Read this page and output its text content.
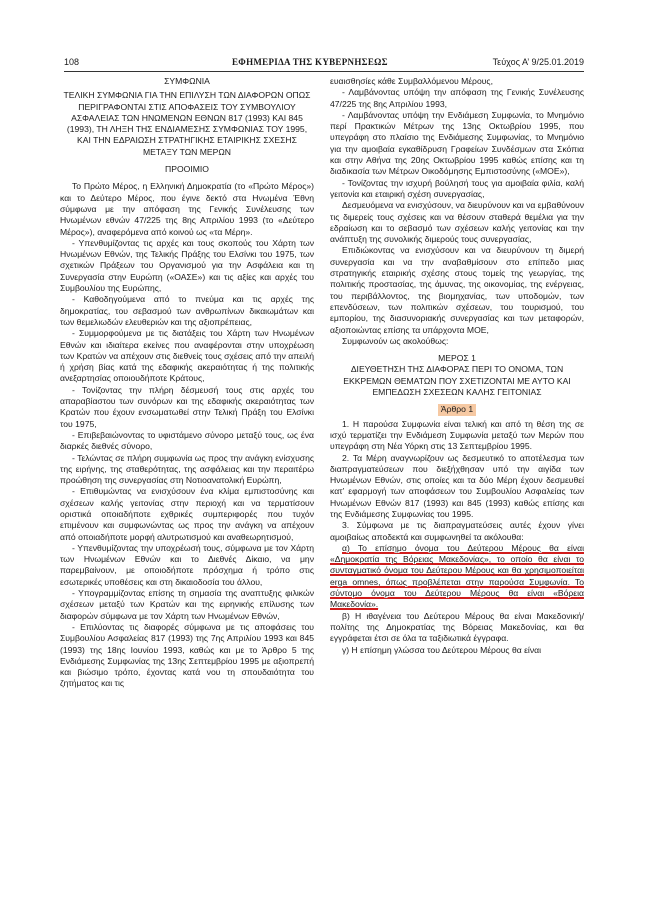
108	ΕΦΗΜΕΡΙΔΑ ΤΗΣ ΚΥΒΕΡΝΗΣΕΩΣ	Τεύχος Α’ 9/25.01.2019

ΣΥΜΦΩΝΙΑ

ΤΕΛΙΚΗ ΣΥΜΦΩΝΙΑ ΓΙΑ ΤΗΝ ΕΠΙΛΥΣΗ ΤΩΝ ΔΙΑΦΟΡΩΝ ΟΠΩΣ ΠΕΡΙΓΡΑΦΟΝΤΑΙ ΣΤΙΣ ΑΠΟΦΑΣΕΙΣ ΤΟΥ ΣΥΜΒΟΥΛΙΟΥ ΑΣΦΑΛΕΙΑΣ ΤΩΝ ΗΝΩΜΕΝΩΝ ΕΘΝΩΝ 817 (1993) ΚΑΙ 845 (1993), ΤΗ ΛΗΞΗ ΤΗΣ ΕΝΔΙΑΜΕΣΗΣ ΣΥΜΦΩΝΙΑΣ ΤΟΥ 1995, ΚΑΙ ΤΗΝ ΕΔΡΑΙΩΣΗ ΣΤΡΑΤΗΓΙΚΗΣ ΕΤΑΙΡΙΚΗΣ ΣΧΕΣΗΣ ΜΕΤΑΞΥ ΤΩΝ ΜΕΡΩΝ

ΠΡΟΟΙΜΙΟ

Το Πρώτο Μέρος, η Ελληνική Δημοκρατία (το «Πρώτο Μέρος») και το Δεύτερο Μέρος, που έγινε δεκτό στα Ηνωμένα Έθνη σύμφωνα με την απόφαση της Γενικής Συνέλευσης των Ηνωμένων εθνών 47/225 της 8ης Απριλίου 1993 (το «Δεύτερο Μέρος»), αναφερόμενα από κοινού ως «τα Μέρη».

- Υπενθυμίζοντας τις αρχές και τους σκοπούς του Χάρτη των Ηνωμένων Εθνών, της Τελικής Πράξης του Ελσίνκι του 1975, των σχετικών Πράξεων του Οργανισμού για την Ασφάλεια και τη Συνεργασία στην Ευρώπη («ΟΑΣΕ») και τις αξίες και αρχές του Συμβουλίου της Ευρώπης,

- Καθοδηγούμενα από το πνεύμα και τις αρχές της δημοκρατίας, του σεβασμού των ανθρωπίνων δικαιωμάτων και των θεμελιωδών ελευθεριών και της αξιοπρέπειας,

- Συμμορφούμενα με τις διατάξεις του Χάρτη των Ηνωμένων Εθνών και ιδιαίτερα εκείνες που αναφέρονται στην υποχρέωση των Κρατών να απέχουν στις διεθνείς τους σχέσεις από την απειλή ή χρήση βίας κατά της εδαφικής ακεραιότητας ή της πολιτικής ανεξαρτησίας οποιουδήποτε Κράτους,

- Τονίζοντας την πλήρη δέσμευσή τους στις αρχές του απαραβίαστου των συνόρων και της εδαφικής ακεραιότητας των Κρατών που έχουν ενσωματωθεί στην Τελική Πράξη του Ελσίνκι του 1975,

- Επιβεβαιώνοντας το υφιστάμενο σύνορο μεταξύ τους, ως ένα διαρκές διεθνές σύνορο,

- Τελώντας σε πλήρη συμφωνία ως προς την ανάγκη ενίσχυσης της ειρήνης, της σταθερότητας, της ασφάλειας και την περαιτέρω προώθηση της συνεργασίας στη Νοτιοανατολική Ευρώπη,

- Επιθυμώντας να ενισχύσουν ένα κλίμα εμπιστοσύνης και σχέσεων καλής γειτονίας στην περιοχή και να τερματίσουν οριστικά οποιαδήποτε εχθρικές συμπεριφορές που τυχόν επιμένουν και συμφωνώντας ως προς την ανάγκη να απέχουν από οποιαδήποτε μορφή αλυτρωτισμού και αναθεωρητισμού,

- Υπενθυμίζοντας την υποχρέωσή τους, σύμφωνα με τον Χάρτη των Ηνωμένων Εθνών και το Διεθνές Δίκαιο, να μην παρεμβαίνουν, με οποιοδήποτε πρόσχημα ή τρόπο στις εσωτερικές υποθέσεις και στη δικαιοδοσία του άλλου,

- Υπογραμμίζοντας επίσης τη σημασία της αναπτυξης φιλικών σχέσεων μεταξύ των Κρατών και της ειρηνικής επίλυσης των διαφορών σύμφωνα με τον Χάρτη των Ηνωμένων Εθνών,

- Επιλύοντας τις διαφορές σύμφωνα με τις αποφάσεις του Συμβουλίου Ασφαλείας 817 (1993) της 7ης Απριλίου 1993 και 845 (1993) της 18ης Ιουνίου 1993, καθώς και με το Άρθρο 5 της Ενδιάμεσης Συμφωνίας της 13ης Σεπτεμβρίου 1995 με αξιοπρεπή και βιώσιμο τρόπο, έχοντας κατά νου τη σπουδαιότητα του ζητήματος και τις

ευαισθησίες κάθε Συμβαλλόμενου Μέρους,

- Λαμβάνοντας υπόψη την απόφαση της Γενικής Συνέλευσης 47/225 της 8ης Απριλίου 1993,

- Λαμβάνοντας υπόψη την Ενδιάμεση Συμφωνία, το Μνημόνιο περί Πρακτικών Μέτρων της 13ης Οκτωβρίου 1995, που υπεγράφη στο πλαίσιο της Ενδιάμεσης Συμφωνίας, το Μνημόνιο για την αμοιβαία εγκαθίδρυση Γραφείων Συνδέσμων στα Σκόπια και στην Αθήνα της 20ης Οκτωβρίου 1995 καθώς επίσης και τη διαδικασία των Μέτρων Οικοδόμησης Εμπιστοσύνης («ΜΟΕ»),

- Τονίζοντας την ισχυρή βούλησή τους για αμοιβαία φιλία, καλή γειτονία και εταιρική σχέση συνεργασίας,

Δεσμευόμενα να ενισχύσουν, να διευρύνουν και να εμβαθύνουν τις διμερείς τους σχέσεις και να θέσουν σταθερά θεμέλια για την εδραίωση και το σεβασμό των σχέσεων καλής γειτονίας και την ανάπτυξη της συνολικής διμερούς τους συνεργασίας,

Επιδιώκοντας να ενισχύσουν και να διευρύνουν τη διμερή συνεργασία και να την αναβαθμίσουν στο επίπεδο μιας στρατηγικής εταιρικής σχέσης στους τομείς της γεωργίας, της πολιτικής προστασίας, της άμυνας, της οικονομίας, της ενέργειας, του περιβάλλοντος, της βιομηχανίας, των υποδομών, των επενδύσεων, των πολιτικών σχέσεων, του τουρισμού, του εμπορίου, της διασυνοριακής συνεργασίας και των μεταφορών, αξιοποιώντας επίσης τα υπάρχοντα ΜΟΕ,

Συμφωνούν ως ακολούθως:

ΜΕΡΟΣ 1

ΔΙΕΥΘΕΤΗΣΗ ΤΗΣ ΔΙΑΦΟΡΑΣ ΠΕΡΙ ΤΟ ΟΝΟΜΑ, ΤΩΝ ΕΚΚΡΕΜΩΝ ΘΕΜΑΤΩΝ ΠΟΥ ΣΧΕΤΙΖΟΝΤΑΙ ΜΕ ΑΥΤΟ ΚΑΙ ΕΜΠΕΔΩΣΗ ΣΧΕΣΕΩΝ ΚΑΛΗΣ ΓΕΙΤΟΝΙΑΣ

Άρθρο 1

1. Η παρούσα Συμφωνία είναι τελική και από τη θέση της σε ισχύ τερματίζει την Ενδιάμεση Συμφωνία μεταξύ των Μερών που υπεγράφη στη Νέα Υόρκη στις 13 Σεπτεμβρίου 1995.

2. Τα Μέρη αναγνωρίζουν ως δεσμευτικό το αποτέλεσμα των διαπραγματεύσεων που διεξήχθησαν υπό την αιγίδα των Ηνωμένων Εθνών, στις οποίες και τα δύο Μέρη έχουν δεσμευθεί κατ’ εφαρμογή των αποφάσεων του Συμβουλίου Ασφαλείας των Ηνωμένων Εθνών 817 (1993) και 845 (1993) καθώς επίσης και της Ενδιάμεσης Συμφωνίας του 1995.

3. Σύμφωνα με τις διαπραγματεύσεις αυτές έχουν γίνει αμοιβαίως αποδεκτά και συμφωνηθεί τα ακόλουθα:

α) Το επίσημο όνομα του Δεύτερου Μέρους θα είναι «Δημοκρατία της Βόρειας Μακεδονίας», το οποίο θα είναι το συνταγματικό όνομα του Δεύτερου Μέρους και θα χρησιμοποιείται erga omnes, όπως προβλέπεται στην παρούσα Συμφωνία. Το σύντομο όνομα του Δεύτερου Μέρους θα είναι «Βόρεια Μακεδονία».

β) Η ιθαγένεια του Δεύτερου Μέρους θα είναι Μακεδονική/πολίτης της Δημοκρατίας της Βόρειας Μακεδονίας, και θα εγγράφεται έτσι σε όλα τα ταξιδιωτικά έγγραφα.

γ) Η επίσημη γλώσσα του Δεύτερου Μέρους θα είναι
